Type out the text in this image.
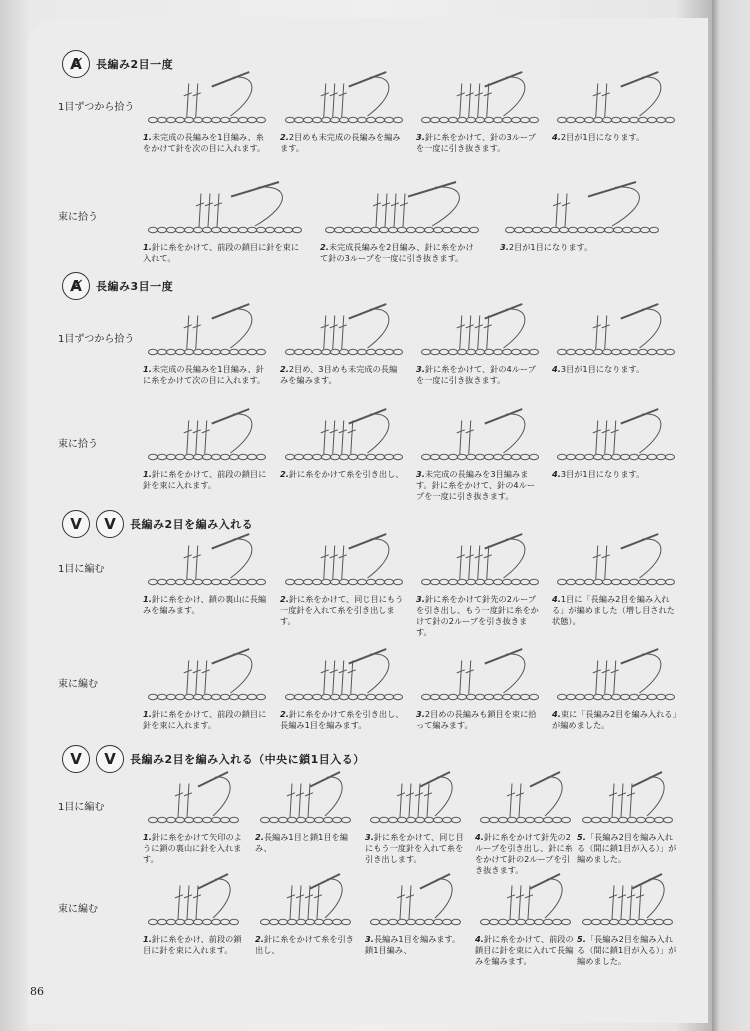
Ⱥ	長編み2目一度
1目ずつから拾う
1.未完成の長編みを1目編み、糸をかけて針を次の目に入れます。
2.2目めも未完成の長編みを編みます。
3.針に糸をかけて、針の3ループを一度に引き抜きます。
4.2目が1目になります。
束に拾う
1.針に糸をかけて、前段の鎖目に針を束に入れて。
2.未完成長編みを2目編み、針に糸をかけて針の3ループを一度に引き抜きます。
3.2目が1目になります。
Ⱥ	長編み3目一度
1目ずつから拾う
1.未完成の長編みを1目編み、針に糸をかけて次の目に入れます。
2.2目め、3目めも未完成の長編みを編みます。
3.針に糸をかけて、針の4ループを一度に引き抜きます。
4.3目が1目になります。
束に拾う
1.針に糸をかけて、前段の鎖目に針を束に入れます。
2.針に糸をかけて糸を引き出し、 3.未完成の長編みを3目編みます。針に糸をかけて、針の4ループを一度に引き抜きます。
4.3目が1目になります。
V	V	長編み2目を編み入れる
1目に編む
1.針に糸をかけ、鎖の裏山に長編みを編みます。
2.針に糸をかけて、同じ目にもう一度針を入れて糸を引き出します。
3.針に糸をかけて針先の2ループを引き出し、もう一度針に糸をかけて針の2ループを引き抜きます。
4.1目に「長編み2目を編み入れる」が編めました（増し目された状態）。
束に編む
1.針に糸をかけて、前段の鎖目に針を束に入れます。
2.針に糸をかけて糸を引き出し、長編み1目を編みます。
3.2目めの長編みも鎖目を束に拾って編みます。
4.束に「長編み2目を編み入れる」が編めました。
V	V	長編み2目を編み入れる（中央に鎖1目入る）
1目に編む
1.針に糸をかけて矢印のように鎖の裏山に針を入れます。
2.長編み1目と鎖1目を編み、
3.針に糸をかけて、同じ目にもう一度針を入れて糸を引き出します。
4.針に糸をかけて針先の2ループを引き出し、針に糸をかけて針の2ループを引き抜きます。
5.「長編み2目を編み入れる（間に鎖1目が入る）」が編めました。
束に編む
1.針に糸をかけ、前段の鎖目に針を束に入れます。
2.針に糸をかけて糸を引き出し、
3.長編み1目を編みます。鎖1目編み、
4.針に糸をかけて、前段の鎖目に針を束に入れて長編みを編みます。
5.「長編み2目を編み入れる（間に鎖1目が入る）」が編めました。
86
